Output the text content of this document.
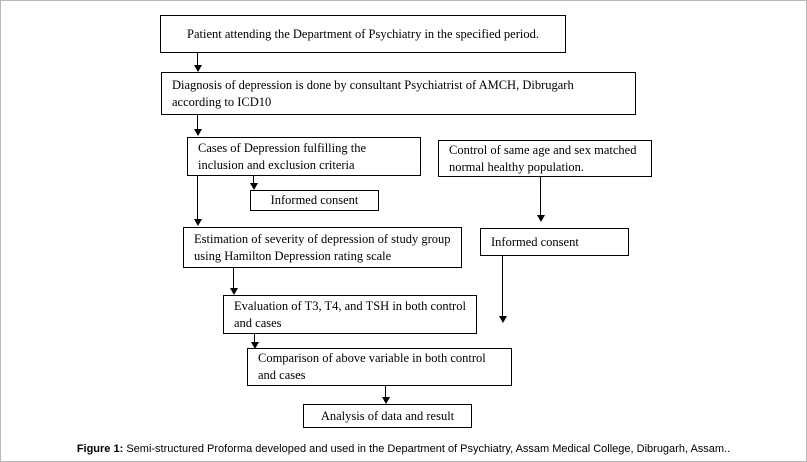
Patient attending the Department of Psychiatry in the specified period.
Diagnosis of depression is done by consultant Psychiatrist of AMCH, Dibrugarh according to ICD10
Cases of Depression fulfilling the inclusion and exclusion criteria
Control of same age and sex matched normal healthy population.
Informed consent
Estimation of severity of depression of study group using Hamilton Depression rating scale
Informed consent
Evaluation of T3, T4, and TSH in both control and cases
Comparison of above variable in both control and cases
Analysis of data and result
Figure 1: Semi-structured Proforma developed and used in the Department of Psychiatry, Assam Medical College, Dibrugarh, Assam..
